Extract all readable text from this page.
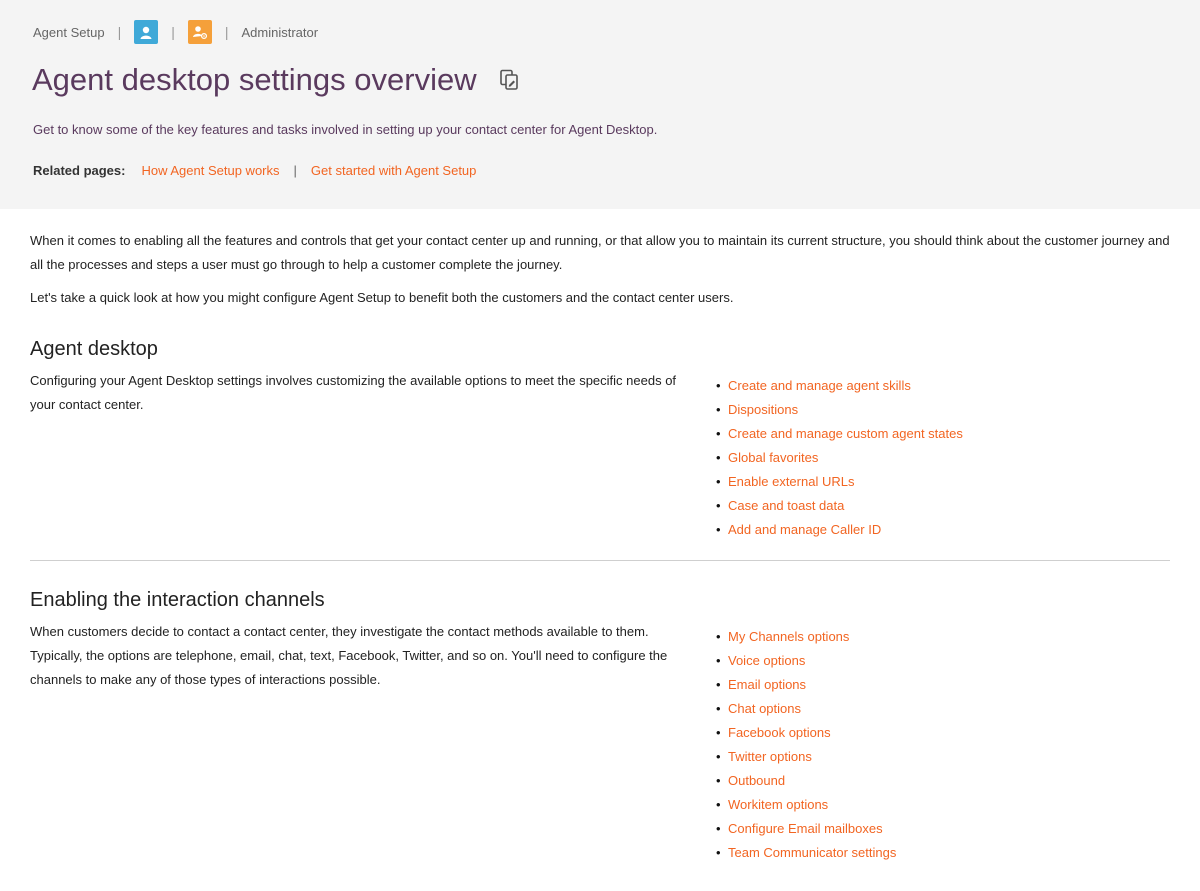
Agent Setup |	|	| Administrator
Agent desktop settings overview
Get to know some of the key features and tasks involved in setting up your contact center for Agent Desktop.
Related pages: How Agent Setup works | Get started with Agent Setup

When it comes to enabling all the features and controls that get your contact center up and running, or that allow you to maintain its current structure, you should think about the customer journey and all the processes and steps a user must go through to help a customer complete the journey.

Let's take a quick look at how you might configure Agent Setup to benefit both the customers and the contact center users.

Agent desktop
Configuring your Agent Desktop settings involves customizing the available options to meet the specific needs of your contact center.
• Create and manage agent skills
• Dispositions
• Create and manage custom agent states
• Global favorites
• Enable external URLs
• Case and toast data
• Add and manage Caller ID
Enabling the interaction channels
When customers decide to contact a contact center, they investigate the contact methods available to them. Typically, the options are telephone, email, chat, text, Facebook, Twitter, and so on. You'll need to configure the channels to make any of those types of interactions possible.
• My Channels options
• Voice options
• Email options
• Chat options
• Facebook options
• Twitter options
• Outbound
• Workitem options
• Configure Email mailboxes
• Team Communicator settings
